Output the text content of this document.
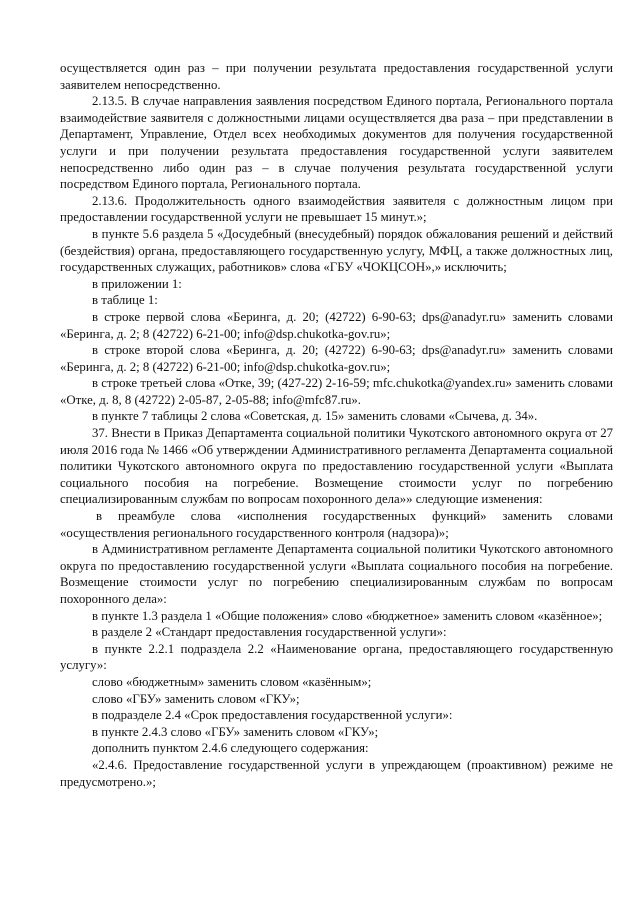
осуществляется один раз – при получении результата предоставления государственной услуги заявителем непосредственно.

2.13.5. В случае направления заявления посредством Единого портала, Регионального портала взаимодействие заявителя с должностными лицами осуществляется два раза – при представлении в Департамент, Управление, Отдел всех необходимых документов для получения государственной услуги и при получении результата предоставления государственной услуги заявителем непосредственно либо один раз – в случае получения результата государственной услуги посредством Единого портала, Регионального портала.

2.13.6. Продолжительность одного взаимодействия заявителя с должностным лицом при предоставлении государственной услуги не превышает 15 минут.»;

в пункте 5.6 раздела 5 «Досудебный (внесудебный) порядок обжалования решений и действий (бездействия) органа, предоставляющего государственную услугу, МФЦ, а также должностных лиц, государственных служащих, работников» слова «ГБУ «ЧОКЦСОН»,» исключить;

в приложении 1:

в таблице 1:

в строке первой слова «Беринга, д. 20; (42722) 6-90-63; dps@anadyr.ru» заменить словами «Беринга, д. 2; 8 (42722) 6-21-00; info@dsp.chukotka-gov.ru»;

в строке второй слова «Беринга, д. 20; (42722) 6-90-63; dps@anadyr.ru» заменить словами «Беринга, д. 2; 8 (42722) 6-21-00; info@dsp.chukotka-gov.ru»;

в строке третьей слова «Отке, 39; (427-22) 2-16-59; mfc.chukotka@yandex.ru» заменить словами «Отке, д. 8, 8 (42722) 2-05-87, 2-05-88; info@mfc87.ru».

в пункте 7 таблицы 2 слова «Советская, д. 15» заменить словами «Сычева, д. 34».

37. Внести в Приказ Департамента социальной политики Чукотского автономного округа от 27 июля 2016 года № 1466 «Об утверждении Административного регламента Департамента социальной политики Чукотского автономного округа по предоставлению государственной услуги «Выплата социального пособия на погребение. Возмещение стоимости услуг по погребению специализированным службам по вопросам похоронного дела»» следующие изменения:

в преамбуле слова «исполнения государственных функций» заменить словами «осуществления регионального государственного контроля (надзора)»;

в Административном регламенте Департамента социальной политики Чукотского автономного округа по предоставлению государственной услуги «Выплата социального пособия на погребение. Возмещение стоимости услуг по погребению специализированным службам по вопросам похоронного дела»:

в пункте 1.3 раздела 1 «Общие положения» слово «бюджетное» заменить словом «казённое»;

в разделе 2 «Стандарт предоставления государственной услуги»:

в пункте 2.2.1 подраздела 2.2 «Наименование органа, предоставляющего государственную услугу»:

слово «бюджетным» заменить словом «казённым»;

слово «ГБУ» заменить словом «ГКУ»;

в подразделе 2.4 «Срок предоставления государственной услуги»:

в пункте 2.4.3 слово «ГБУ» заменить словом «ГКУ»;

дополнить пунктом 2.4.6 следующего содержания:

«2.4.6. Предоставление государственной услуги в упреждающем (проактивном) режиме не предусмотрено.»;
